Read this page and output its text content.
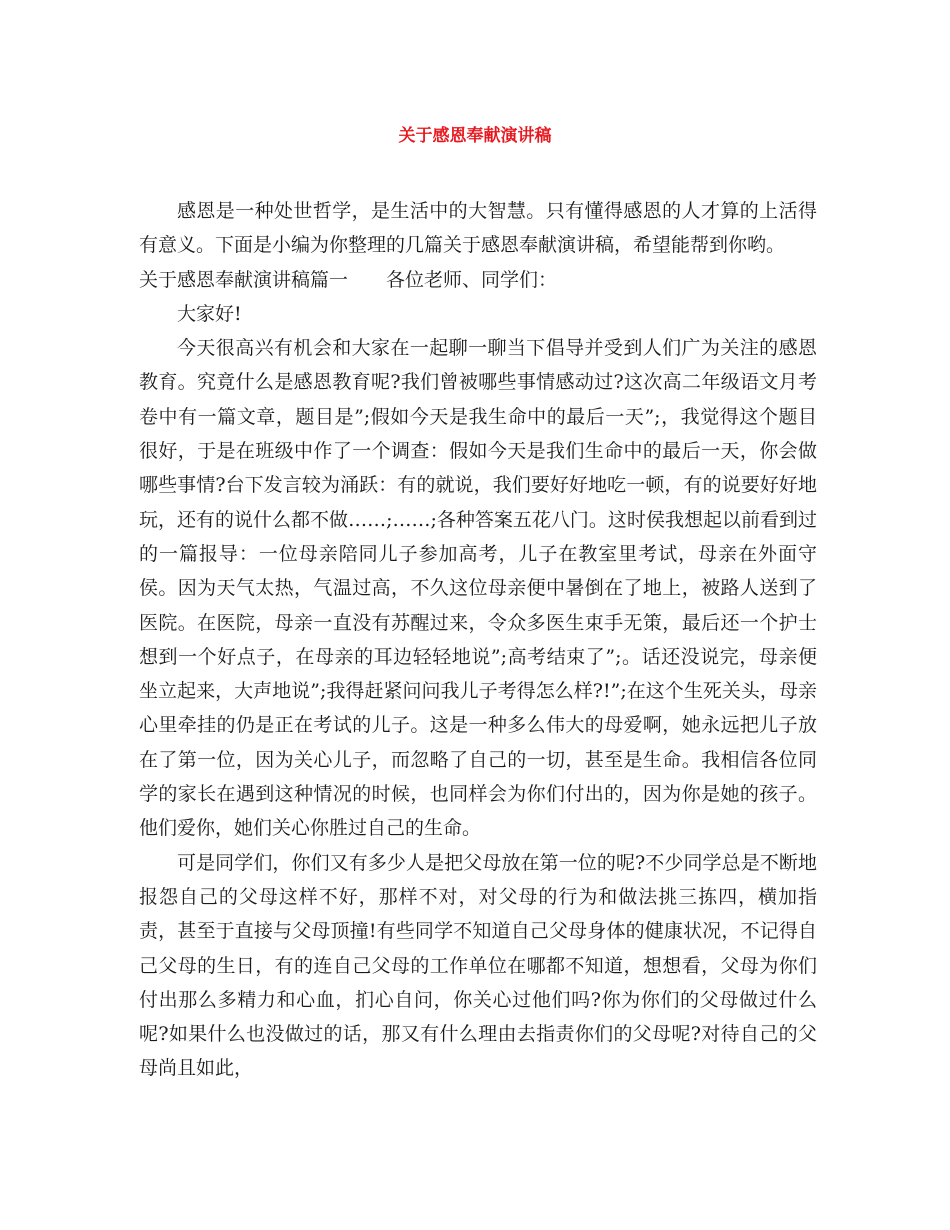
关于感恩奉献演讲稿

感恩是一种处世哲学，是生活中的大智慧。只有懂得感恩的人才算的上活得有意义。下面是小编为你整理的几篇关于感恩奉献演讲稿，希望能帮到你哟。

关于感恩奉献演讲稿篇一　　各位老师、同学们：

大家好!

今天很高兴有机会和大家在一起聊一聊当下倡导并受到人们广为关注的感恩教育。究竟什么是感恩教育呢?我们曾被哪些事情感动过?这次高二年级语文月考卷中有一篇文章，题目是”;假如今天是我生命中的最后一天”;，我觉得这个题目很好，于是在班级中作了一个调查：假如今天是我们生命中的最后一天，你会做哪些事情?台下发言较为涌跃：有的就说，我们要好好地吃一顿，有的说要好好地玩，还有的说什么都不做……;……;各种答案五花八门。这时侯我想起以前看到过的一篇报导：一位母亲陪同儿子参加高考，儿子在教室里考试，母亲在外面守侯。因为天气太热，气温过高，不久这位母亲便中暑倒在了地上，被路人送到了医院。在医院，母亲一直没有苏醒过来，令众多医生束手无策，最后还一个护士想到一个好点子，在母亲的耳边轻轻地说”;高考结束了”;。话还没说完，母亲便坐立起来，大声地说”;我得赶紧问问我儿子考得怎么样?!”;在这个生死关头，母亲心里牵挂的仍是正在考试的儿子。这是一种多么伟大的母爱啊，她永远把儿子放在了第一位，因为关心儿子，而忽略了自己的一切，甚至是生命。我相信各位同学的家长在遇到这种情况的时候，也同样会为你们付出的，因为你是她的孩子。他们爱你，她们关心你胜过自己的生命。

可是同学们，你们又有多少人是把父母放在第一位的呢?不少同学总是不断地报怨自己的父母这样不好，那样不对，对父母的行为和做法挑三拣四，横加指责，甚至于直接与父母顶撞!有些同学不知道自己父母身体的健康状况，不记得自己父母的生日，有的连自己父母的工作单位在哪都不知道，想想看，父母为你们付出那么多精力和心血，扪心自问，你关心过他们吗?你为你们的父母做过什么呢?如果什么也没做过的话，那又有什么理由去指责你们的父母呢?对待自己的父母尚且如此，
